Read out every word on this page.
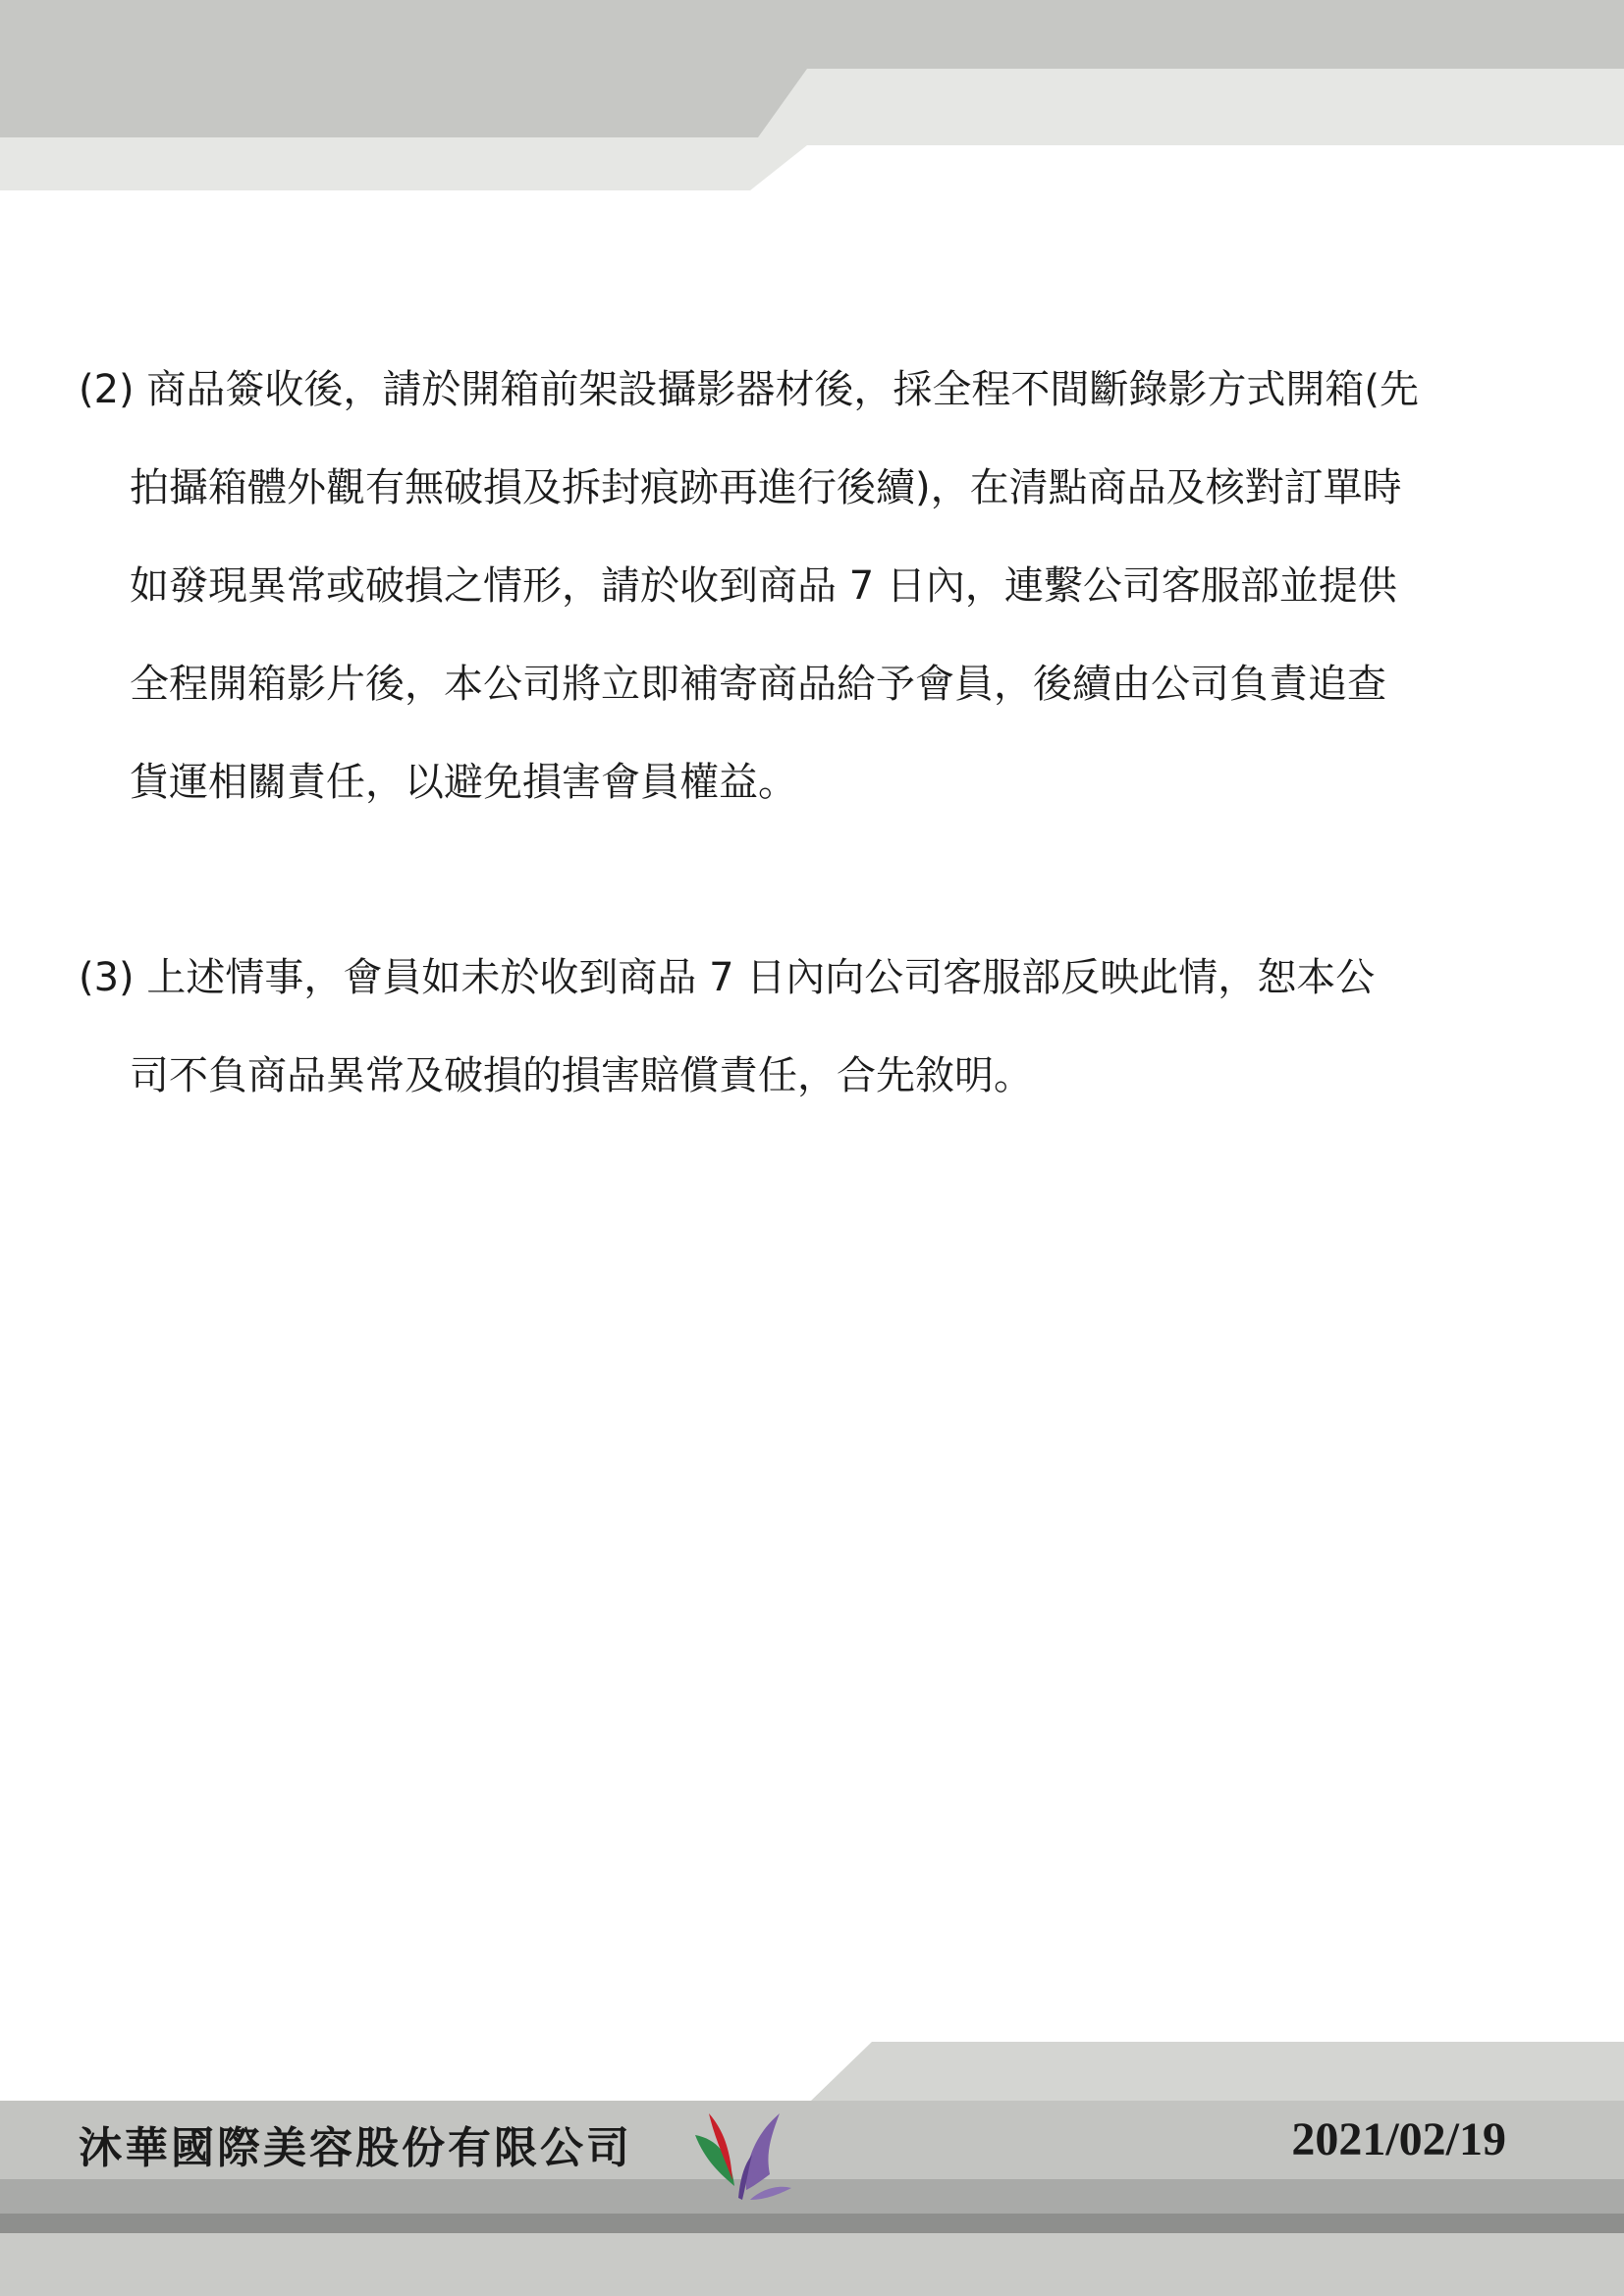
(2) 商品簽收後，請於開箱前架設攝影器材後，採全程不間斷錄影方式開箱(先
拍攝箱體外觀有無破損及拆封痕跡再進行後續)，在清點商品及核對訂單時
如發現異常或破損之情形，請於收到商品 7 日內，連繫公司客服部並提供
全程開箱影片後，本公司將立即補寄商品給予會員，後續由公司負責追查
貨運相關責任，以避免損害會員權益。
(3) 上述情事，會員如未於收到商品 7 日內向公司客服部反映此情，恕本公
司不負商品異常及破損的損害賠償責任，合先敘明。
沐華國際美容股份有限公司	2021/02/19
